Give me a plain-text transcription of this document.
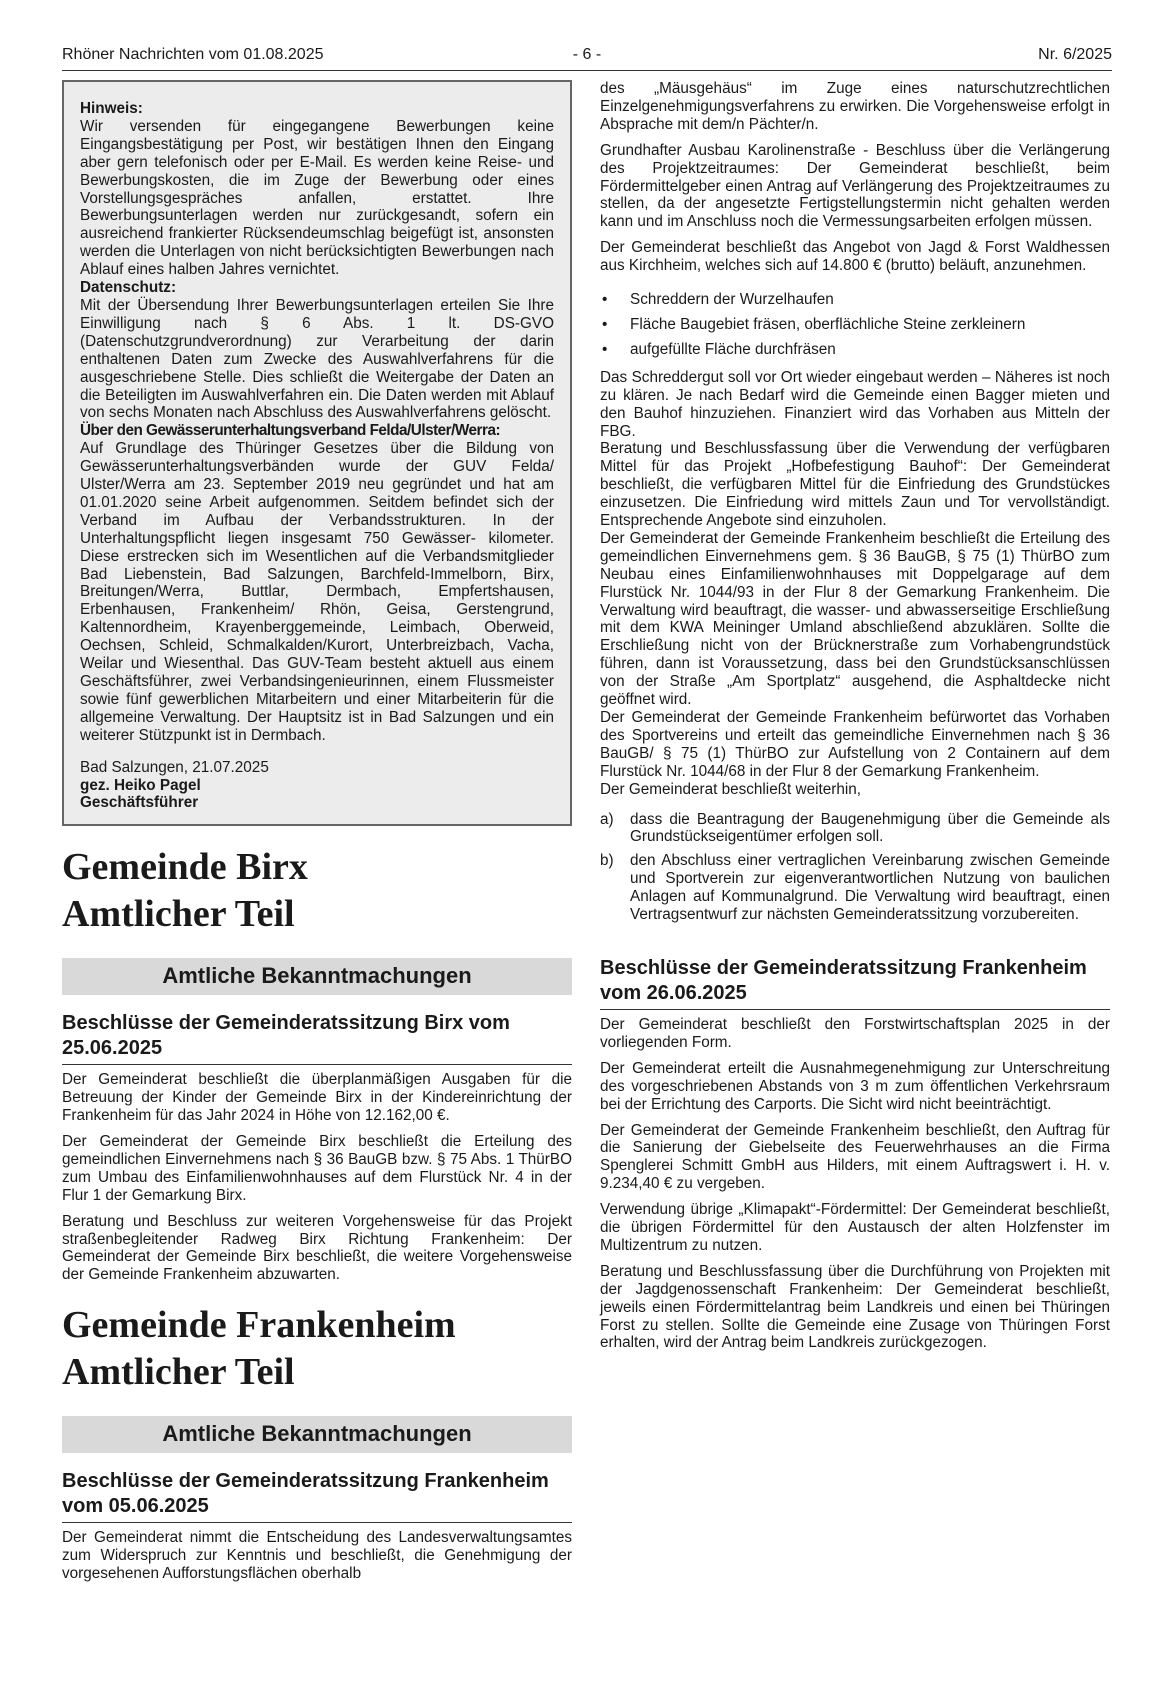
Rhöner Nachrichten vom 01.08.2025	- 6 -	Nr. 6/2025

Hinweis:

Wir versenden für eingegangene Bewerbungen keine Eingangsbestätigung per Post, wir bestätigen Ihnen den Eingang aber gern telefonisch oder per E-Mail. Es werden keine Reise- und Bewerbungskosten, die im Zuge der Bewerbung oder eines Vorstellungsgespräches anfallen, erstattet. Ihre Bewerbungsunterlagen werden nur zurückgesandt, sofern ein ausreichend frankierter Rücksendeumschlag beigefügt ist, ansonsten werden die Unterlagen von nicht berücksichtigten Bewerbungen nach Ablauf eines halben Jahres vernichtet.

Datenschutz:

Mit der Übersendung Ihrer Bewerbungsunterlagen erteilen Sie Ihre Einwilligung nach § 6 Abs. 1 lt. DS-GVO (Datenschutzgrundverordnung) zur Verarbeitung der darin enthaltenen Daten zum Zwecke des Auswahlverfahrens für die ausgeschriebene Stelle. Dies schließt die Weitergabe der Daten an die Beteiligten im Auswahlverfahren ein. Die Daten werden mit Ablauf von sechs Monaten nach Abschluss des Auswahlverfahrens gelöscht.

Über den Gewässerunterhaltungsverband Felda/Ulster/Werra:

Auf Grundlage des Thüringer Gesetzes über die Bildung von Gewässerunterhaltungsverbänden wurde der GUV Felda/ Ulster/Werra am 23. September 2019 neu gegründet und hat am 01.01.2020 seine Arbeit aufgenommen. Seitdem befindet sich der Verband im Aufbau der Verbandsstrukturen. In der Unterhaltungspflicht liegen insgesamt 750 Gewässer- kilometer. Diese erstrecken sich im Wesentlichen auf die Verbandsmitglieder Bad Liebenstein, Bad Salzungen, Barchfeld-Immelborn, Birx, Breitungen/Werra, Buttlar, Dermbach, Empfertshausen, Erbenhausen, Frankenheim/ Rhön, Geisa, Gerstengrund, Kaltennordheim, Krayenberggemeinde, Leimbach, Oberweid, Oechsen, Schleid, Schmalkalden/Kurort, Unterbreizbach, Vacha, Weilar und Wiesenthal. Das GUV-Team besteht aktuell aus einem Geschäftsführer, zwei Verbandsingenieurinnen, einem Flussmeister sowie fünf gewerblichen Mitarbeitern und einer Mitarbeiterin für die allgemeine Verwaltung. Der Hauptsitz ist in Bad Salzungen und ein weiterer Stützpunkt ist in Dermbach.

Bad Salzungen, 21.07.2025

gez. Heiko Pagel

Geschäftsführer

Gemeinde Birx
Amtlicher Teil
Amtliche Bekanntmachungen
Beschlüsse der Gemeinderatssitzung Birx vom 25.06.2025

Der Gemeinderat beschließt die überplanmäßigen Ausgaben für die Betreuung der Kinder der Gemeinde Birx in der Kindereinrichtung der Frankenheim für das Jahr 2024 in Höhe von 12.162,00 €.

Der Gemeinderat der Gemeinde Birx beschließt die Erteilung des gemeindlichen Einvernehmens nach § 36 BauGB bzw. § 75 Abs. 1 ThürBO zum Umbau des Einfamilienwohnhauses auf dem Flurstück Nr. 4 in der Flur 1 der Gemarkung Birx.

Beratung und Beschluss zur weiteren Vorgehensweise für das Projekt straßenbegleitender Radweg Birx Richtung Frankenheim: Der Gemeinderat der Gemeinde Birx beschließt, die weitere Vorgehensweise der Gemeinde Frankenheim abzuwarten.

Gemeinde Frankenheim
Amtlicher Teil
Amtliche Bekanntmachungen
Beschlüsse der Gemeinderatssitzung Frankenheim vom 05.06.2025

Der Gemeinderat nimmt die Entscheidung des Landesverwaltungsamtes zum Widerspruch zur Kenntnis und beschließt, die Genehmigung der vorgesehenen Aufforstungsflächen oberhalb

des „Mäusgehäus“ im Zuge eines naturschutzrechtlichen Einzelgenehmigungsverfahrens zu erwirken. Die Vorgehensweise erfolgt in Absprache mit dem/n Pächter/n.

Grundhafter Ausbau Karolinenstraße - Beschluss über die Verlängerung des Projektzeitraumes: Der Gemeinderat beschließt, beim Fördermittelgeber einen Antrag auf Verlängerung des Projektzeitraumes zu stellen, da der angesetzte Fertigstellungstermin nicht gehalten werden kann und im Anschluss noch die Vermessungsarbeiten erfolgen müssen.

Der Gemeinderat beschließt das Angebot von Jagd & Forst Waldhessen aus Kirchheim, welches sich auf 14.800 € (brutto) beläuft, anzunehmen.

• Schreddern der Wurzelhaufen
• Fläche Baugebiet fräsen, oberflächliche Steine zerkleinern
• aufgefüllte Fläche durchfräsen

Das Schreddergut soll vor Ort wieder eingebaut werden – Näheres ist noch zu klären. Je nach Bedarf wird die Gemeinde einen Bagger mieten und den Bauhof hinzuziehen. Finanziert wird das Vorhaben aus Mitteln der FBG.

Beratung und Beschlussfassung über die Verwendung der verfügbaren Mittel für das Projekt „Hofbefestigung Bauhof“: Der Gemeinderat beschließt, die verfügbaren Mittel für die Einfriedung des Grundstückes einzusetzen. Die Einfriedung wird mittels Zaun und Tor vervollständigt. Entsprechende Angebote sind einzuholen.

Der Gemeinderat der Gemeinde Frankenheim beschließt die Erteilung des gemeindlichen Einvernehmens gem. § 36 BauGB, § 75 (1) ThürBO zum Neubau eines Einfamilienwohnhauses mit Doppelgarage auf dem Flurstück Nr. 1044/93 in der Flur 8 der Gemarkung Frankenheim. Die Verwaltung wird beauftragt, die wasser- und abwasserseitige Erschließung mit dem KWA Meininger Umland abschließend abzuklären. Sollte die Erschließung nicht von der Brücknerstraße zum Vorhabengrundstück führen, dann ist Voraussetzung, dass bei den Grundstücksanschlüssen von der Straße „Am Sportplatz“ ausgehend, die Asphaltdecke nicht geöffnet wird.

Der Gemeinderat der Gemeinde Frankenheim befürwortet das Vorhaben des Sportvereins und erteilt das gemeindliche Einvernehmen nach § 36 BauGB/ § 75 (1) ThürBO zur Aufstellung von 2 Containern auf dem Flurstück Nr. 1044/68 in der Flur 8 der Gemarkung Frankenheim.

Der Gemeinderat beschließt weiterhin,

a) dass die Beantragung der Baugenehmigung über die Gemeinde als Grundstückseigentümer erfolgen soll.
b) den Abschluss einer vertraglichen Vereinbarung zwischen Gemeinde und Sportverein zur eigenverantwortlichen Nutzung von baulichen Anlagen auf Kommunalgrund. Die Verwaltung wird beauftragt, einen Vertragsentwurf zur nächsten Gemeinderatssitzung vorzubereiten.
Beschlüsse der Gemeinderatssitzung Frankenheim vom 26.06.2025

Der Gemeinderat beschließt den Forstwirtschaftsplan 2025 in der vorliegenden Form.

Der Gemeinderat erteilt die Ausnahmegenehmigung zur Unterschreitung des vorgeschriebenen Abstands von 3 m zum öffentlichen Verkehrsraum bei der Errichtung des Carports. Die Sicht wird nicht beeinträchtigt.

Der Gemeinderat der Gemeinde Frankenheim beschließt, den Auftrag für die Sanierung der Giebelseite des Feuerwehrhauses an die Firma Spenglerei Schmitt GmbH aus Hilders, mit einem Auftragswert i. H. v. 9.234,40 € zu vergeben.

Verwendung übrige „Klimapakt“-Fördermittel: Der Gemeinderat beschließt, die übrigen Fördermittel für den Austausch der alten Holzfenster im Multizentrum zu nutzen.

Beratung und Beschlussfassung über die Durchführung von Projekten mit der Jagdgenossenschaft Frankenheim: Der Gemeinderat beschließt, jeweils einen Fördermittelantrag beim Landkreis und einen bei Thüringen Forst zu stellen. Sollte die Gemeinde eine Zusage von Thüringen Forst erhalten, wird der Antrag beim Landkreis zurückgezogen.
